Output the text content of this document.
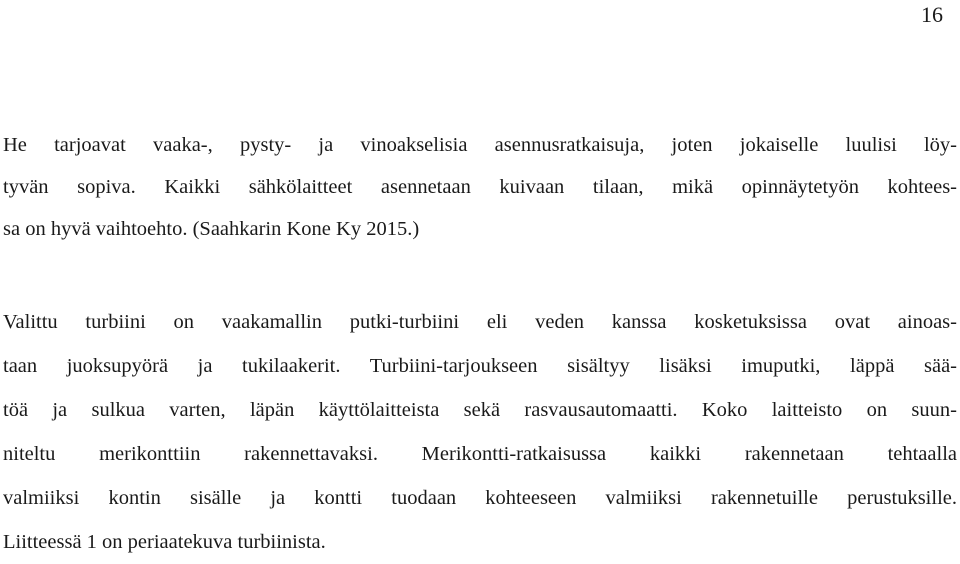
16

He tarjoavat vaaka-, pysty- ja vinoakselisia asennusratkaisuja, joten jokaiselle luulisi löy-
tyvän sopiva. Kaikki sähkölaitteet asennetaan kuivaan tilaan, mikä opinnäytetyön kohtees-
sa on hyvä vaihtoehto. (Saahkarin Kone Ky 2015.)

Valittu turbiini on vaakamallin putki-turbiini eli veden kanssa kosketuksissa ovat ainoas-
taan juoksupyörä ja tukilaakerit. Turbiini-tarjoukseen sisältyy lisäksi imuputki, läppä sää-
töä ja sulkua varten, läpän käyttölaitteista sekä rasvausautomaatti. Koko laitteisto on suun-
niteltu merikonttiin rakennettavaksi. Merikontti-ratkaisussa kaikki rakennetaan tehtaalla
valmiiksi kontin sisälle ja kontti tuodaan kohteeseen valmiiksi rakennetuille perustuksille.
Liitteessä 1 on periaatekuva turbiinista.
